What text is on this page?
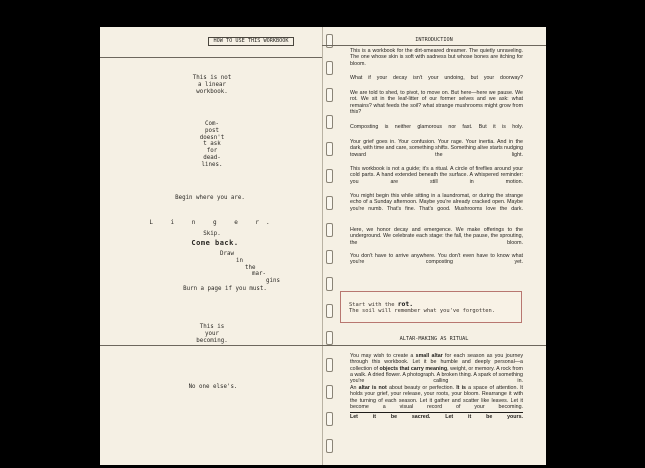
HOW TO USE THIS WORKBOOK
This is not
a linear
workbook.
Com-
post
doesn't
t ask
for
dead-
lines.
Begin where you are.
L i n g e r.
Skip.
Come back.
Draw
in
the
mar-
gins
Burn a page if you must.
This is
your
becoming.
No one else's.
INTRODUCTION

This is a workbook for the dirt-smeared dreamer. The quietly unraveling. The one whose skin is soft with sadness but whose bones are itching for bloom.

What if your decay isn't your undoing, but your doorway?

We are told to shed, to pivot, to move on. But here—here we pause. We rot. We sit in the leaf-litter of our former selves and we ask: what remains? what feeds the soil? what strange mushrooms might grow from this?

Composting is neither glamorous nor fast. But it is holy.

Your grief goes in. Your confusion. Your rage. Your inertia. And in the dark, with time and care, something shifts. Something alive starts nudging toward the light.

This workbook is not a guide; it's a ritual. A circle of fireflies around your cold parts. A hand extended beneath the surface. A whispered reminder: you are still in motion.

You might begin this while sitting in a laundromat, or during the strange echo of a Sunday afternoon. Maybe you're already cracked open. Maybe you're numb. That's fine. That's good. Mushrooms love the dark.

Here, we honor decay and emergence. We make offerings to the underground. We celebrate each stage: the fall, the pause, the sprouting, the bloom.

You don't have to arrive anywhere. You don't even have to know what you're composting yet.

Start with the rot.
The soil will remember what you've forgotten.
ALTAR-MAKING AS RITUAL

You may wish to create a small altar for each season as you journey through this workbook. Let it be humble and deeply personal—a collection of objects that carry meaning, weight, or memory. A rock from a walk. A dried flower. A photograph. A broken thing. A spark of something you're calling in.

An altar is not about beauty or perfection. It is a space of attention. It holds your grief, your release, your roots, your bloom. Rearrange it with the turning of each season. Let it gather and scatter like leaves. Let it become a visual record of your becoming.

Let it be sacred. Let it be yours.
